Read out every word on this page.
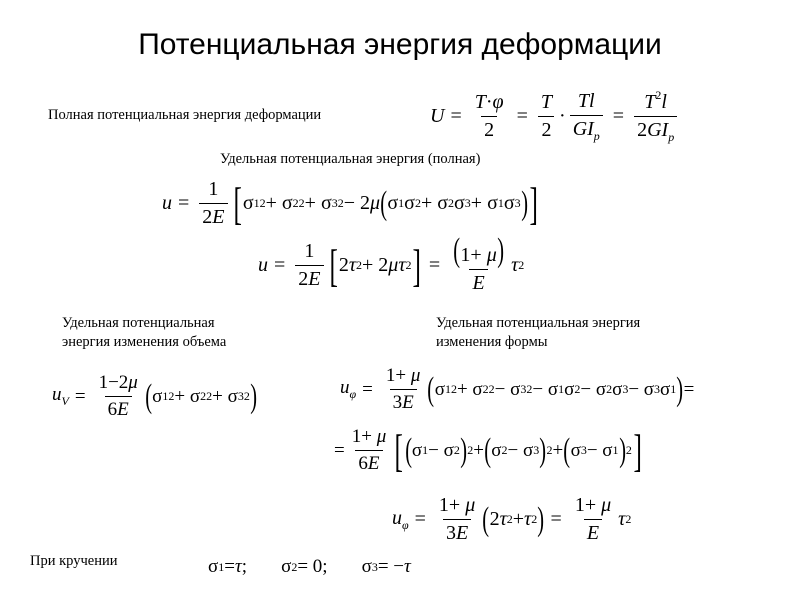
Потенциальная энергия деформации
Полная потенциальная энергия деформации	$U = \frac{T\cdot\varphi}{2} = \frac{T}{2} \cdot \frac{Tl}{GI_p} = \frac{T^2l}{2GI_p}$
Удельная потенциальная энергия (полная)
$u = \frac{1}{2E}$ [ σ 1 2 + σ 2 2 + σ 3 2 − 2 μ ( σ 1 σ 2 + σ 2 σ 3 + σ 1 σ 3 ) ]
$u = \frac{1}{2E}$ [ 2 τ 2 + 2 μτ 2 ] = $\frac{(1+ \mu)}{E}$ τ 2
Удельная потенциальная
энергия изменения объема
Удельная потенциальная энергия
изменения формы
$u_V = \frac{1-2\mu}{6E}$ ( σ 1 2 + σ 2 2 + σ 3 2 )	$u_\varphi = \frac{1+ \mu}{3E}$ ( σ 1 2 + σ 2 2 − σ 3 2 − σ 1 σ 2 − σ 2 σ 3 − σ 3 σ 1 ) =
= $\frac{1+ \mu}{6E}$ [ ( σ 1 − σ 2 ) 2 + ( σ 2 − σ 3 ) 2 + ( σ 3 − σ 1 ) 2 ]
$u_\varphi = \frac{1+ \mu}{3E}$ ( 2 τ 2 + τ 2 ) = $\frac{1+ \mu}{E}$ τ 2
При кручении	σ 1 = τ ;
σ 2 = 0;
σ 3 = − τ
